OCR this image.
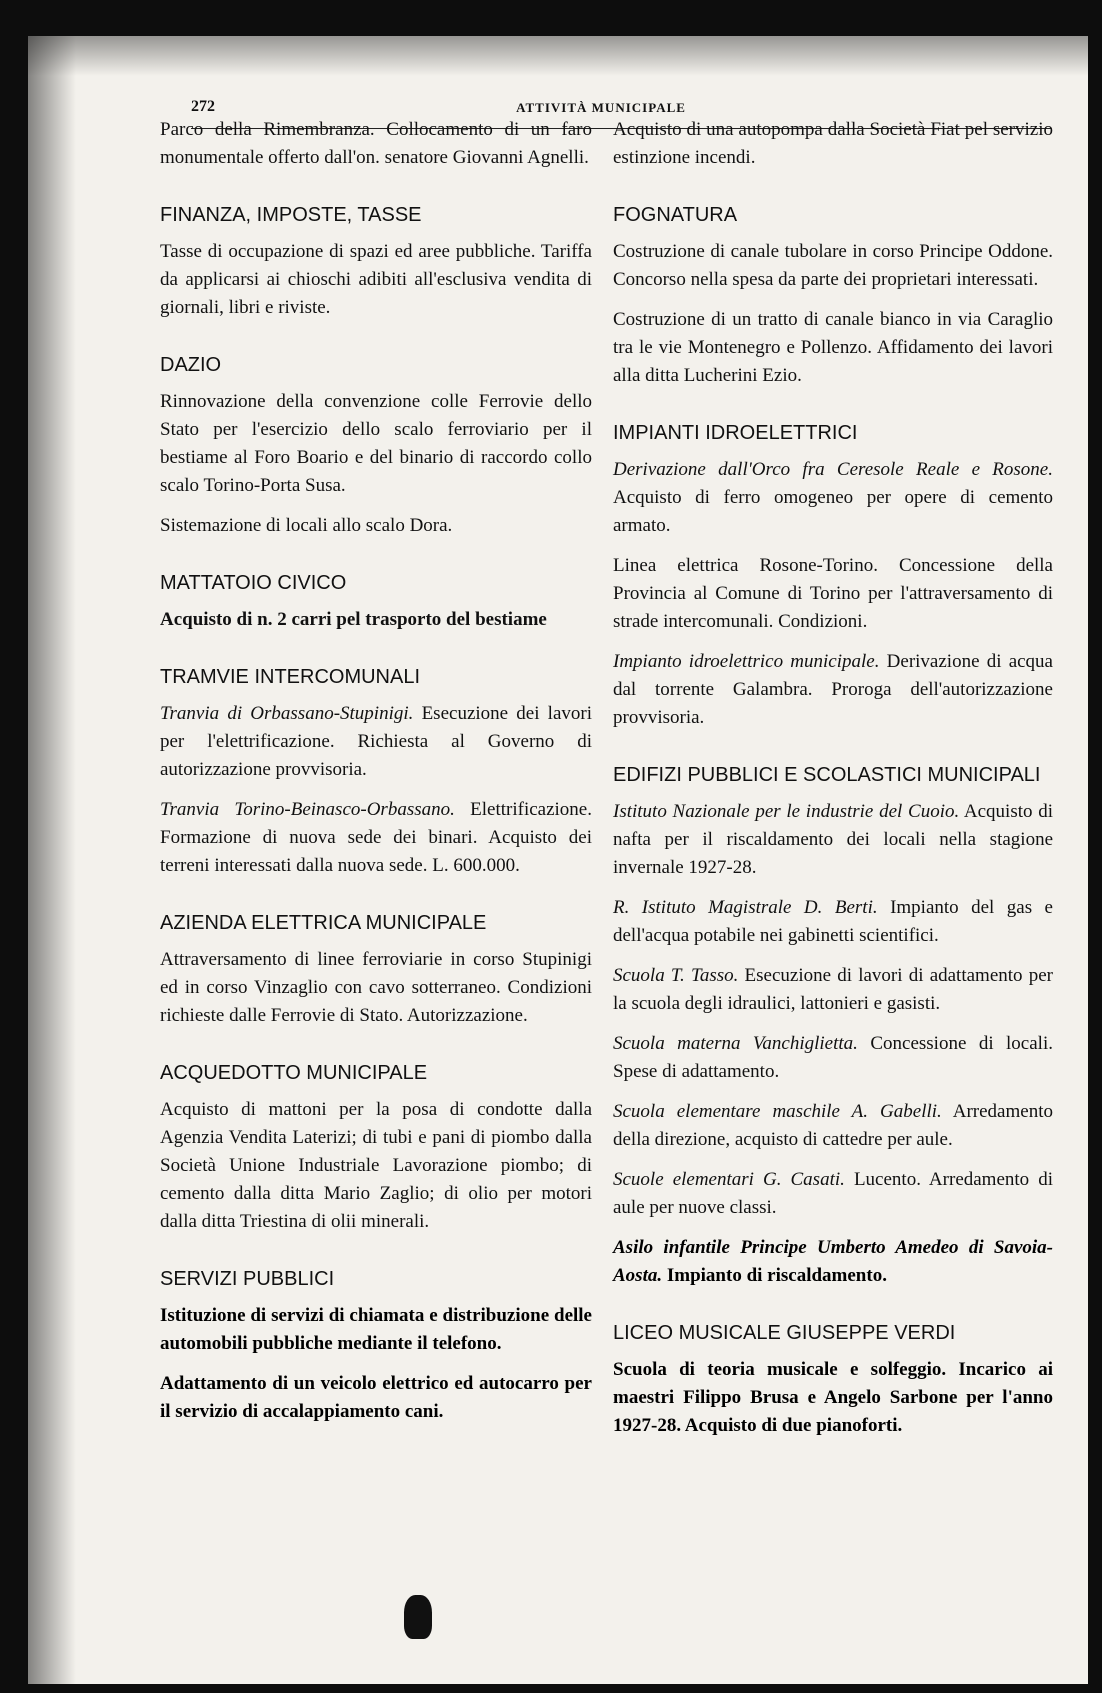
272	ATTIVITÀ MUNICIPALE

Parco della Rimembranza. Collocamento di un faro monumentale offerto dall'on. senatore Giovanni Agnelli.

FINANZA, IMPOSTE, TASSE

Tasse di occupazione di spazi ed aree pubbliche. Tariffa da applicarsi ai chioschi adibiti all'esclusiva vendita di giornali, libri e riviste.

DAZIO

Rinnovazione della convenzione colle Ferrovie dello Stato per l'esercizio dello scalo ferroviario per il bestiame al Foro Boario e del binario di raccordo collo scalo Torino-Porta Susa.

Sistemazione di locali allo scalo Dora.

MATTATOIO CIVICO

Acquisto di n. 2 carri pel trasporto del bestiame

TRAMVIE INTERCOMUNALI

Tranvia di Orbassano-Stupinigi. Esecuzione dei lavori per l'elettrificazione. Richiesta al Governo di autorizzazione provvisoria.

Tranvia Torino-Beinasco-Orbassano. Elettrificazione. Formazione di nuova sede dei binari. Acquisto dei terreni interessati dalla nuova sede. L. 600.000.

AZIENDA ELETTRICA MUNICIPALE

Attraversamento di linee ferroviarie in corso Stupinigi ed in corso Vinzaglio con cavo sotterraneo. Condizioni richieste dalle Ferrovie di Stato. Autorizzazione.

ACQUEDOTTO MUNICIPALE

Acquisto di mattoni per la posa di condotte dalla Agenzia Vendita Laterizi; di tubi e pani di piombo dalla Società Unione Industriale Lavorazione piombo; di cemento dalla ditta Mario Zaglio; di olio per motori dalla ditta Triestina di olii minerali.

SERVIZI PUBBLICI

Istituzione di servizi di chiamata e distribuzione delle automobili pubbliche mediante il telefono.

Adattamento di un veicolo elettrico ed autocarro per il servizio di accalappiamento cani.

Acquisto di una autopompa dalla Società Fiat pel servizio estinzione incendi.

FOGNATURA

Costruzione di canale tubolare in corso Principe Oddone. Concorso nella spesa da parte dei proprietari interessati.

Costruzione di un tratto di canale bianco in via Caraglio tra le vie Montenegro e Pollenzo. Affidamento dei lavori alla ditta Lucherini Ezio.

IMPIANTI IDROELETTRICI

Derivazione dall'Orco fra Ceresole Reale e Rosone. Acquisto di ferro omogeneo per opere di cemento armato.

Linea elettrica Rosone-Torino. Concessione della Provincia al Comune di Torino per l'attraversamento di strade intercomunali. Condizioni.

Impianto idroelettrico municipale. Derivazione di acqua dal torrente Galambra. Proroga dell'autorizzazione provvisoria.

EDIFIZI PUBBLICI E SCOLASTICI MUNICIPALI

Istituto Nazionale per le industrie del Cuoio. Acquisto di nafta per il riscaldamento dei locali nella stagione invernale 1927-28.

R. Istituto Magistrale D. Berti. Impianto del gas e dell'acqua potabile nei gabinetti scientifici.

Scuola T. Tasso. Esecuzione di lavori di adattamento per la scuola degli idraulici, lattonieri e gasisti.

Scuola materna Vanchiglietta. Concessione di locali. Spese di adattamento.

Scuola elementare maschile A. Gabelli. Arredamento della direzione, acquisto di cattedre per aule.

Scuole elementari G. Casati. Lucento. Arredamento di aule per nuove classi.

Asilo infantile Principe Umberto Amedeo di Savoia-Aosta. Impianto di riscaldamento.

LICEO MUSICALE GIUSEPPE VERDI

Scuola di teoria musicale e solfeggio. Incarico ai maestri Filippo Brusa e Angelo Sarbone per l'anno 1927-28. Acquisto di due pianoforti.
